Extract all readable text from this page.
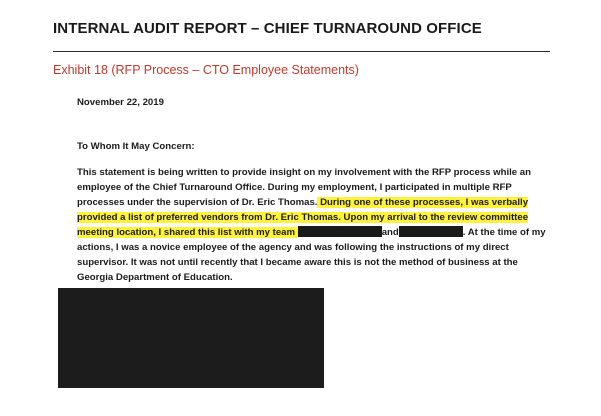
INTERNAL AUDIT REPORT – CHIEF TURNAROUND OFFICE
Exhibit 18 (RFP Process – CTO Employee Statements)
November 22, 2019
To Whom It May Concern:
This statement is being written to provide insight on my involvement with the RFP process while an
employee of the Chief Turnaround Office. During my employment, I participated in multiple RFP
processes under the supervision of Dr. Eric Thomas. During one of these processes, I was verbally
provided a list of preferred vendors from Dr. Eric Thomas. Upon my arrival to the review committee
meeting location, I shared this list with my team	and	. At the time of my
actions, I was a novice employee of the agency and was following the instructions of my direct
supervisor. It was not until recently that I became aware this is not the method of business at the
Georgia Department of Education.
